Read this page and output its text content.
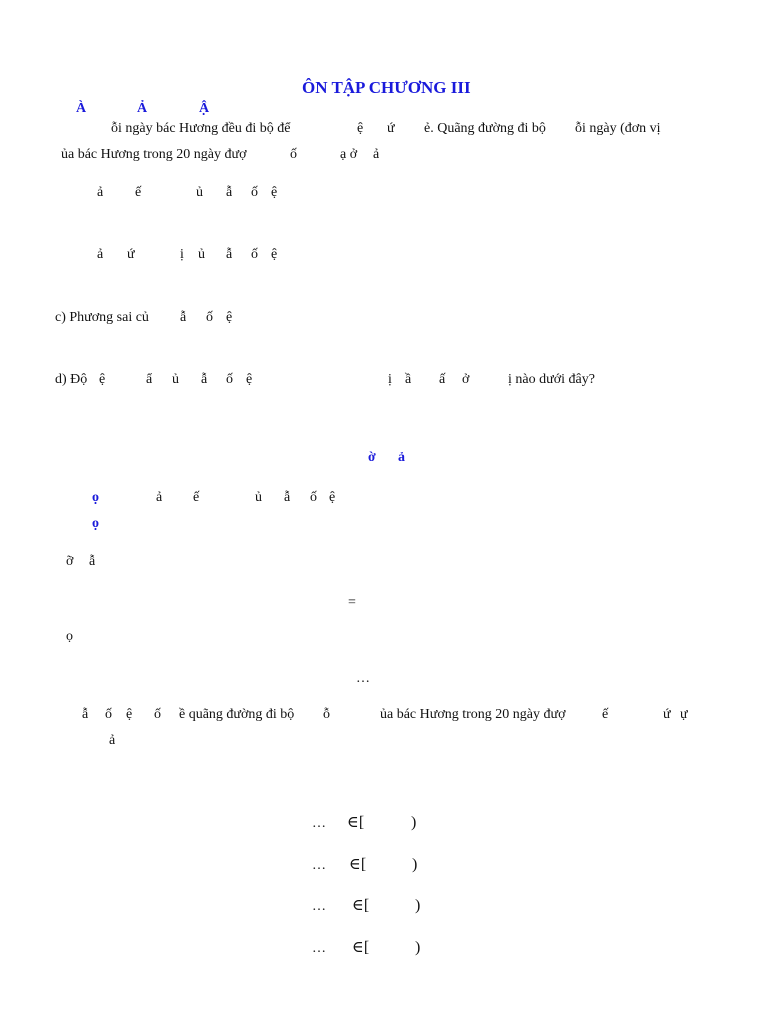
ÔN TẬP CHƯƠNG III
À	Ả	Ậ
ỗi ngày bác Hương đều đi bộ để	ệ ứ ẻ. Quãng đường đi bộ ỗi ngày (đơn vị
ủa bác Hương trong 20 ngày đượ	ố	ạ ở ả
ả ế	ủ ẫ ố ệ
ả ứ	ị ủ ẫ ố ệ
c) Phương sai củ ẫ ố ệ
d) Độ ệ	ẩ ủ ẫ ố ệ	ị ầ ấ ở	ị nào dưới đây?
ờ ả
ọ	ả ế	ủ ẫ ố ệ
ọ
ỡ ẫ
=
ọ
…
ẫ ố ệ ố ề quãng đường đi bộ ỗ	ủa bác Hương trong 20 ngày đượ	ế	ứ ự
ả
… ∈[	)
… ∈[	)
… ∈[	)
… ∈[	)
